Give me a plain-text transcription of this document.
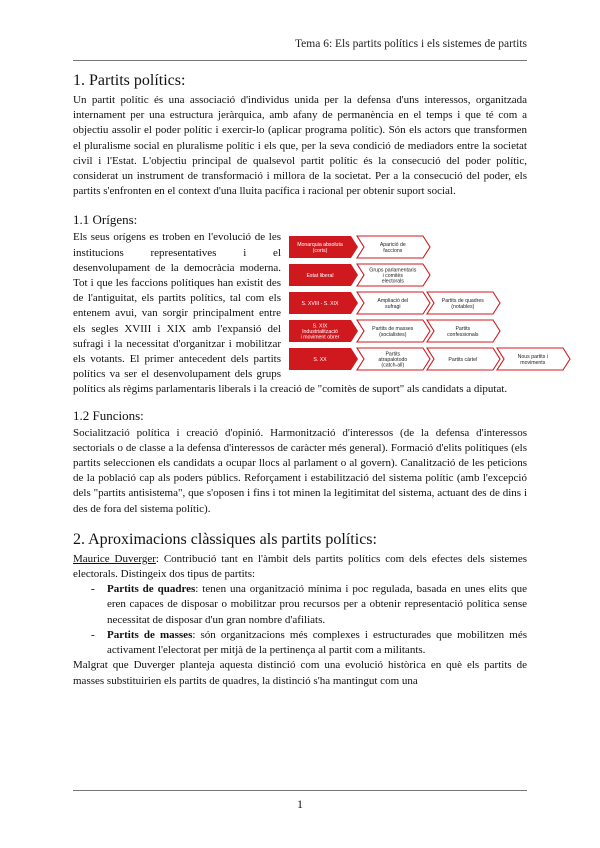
Tema 6: Els partits polítics i els sistemes de partits
1. Partits polítics:

Un partit polític és una associació d'individus unida per la defensa d'uns interessos, organitzada internament per una estructura jeràrquica, amb afany de permanència en el temps i que té com a objectiu assolir el poder polític i exercir-lo (aplicar programa polític). Són els actors que transformen el pluralisme social en pluralisme polític i els que, per la seva condició de mediadors entre la societat civil i l'Estat. L'objectiu principal de qualsevol partit polític és la consecució del poder polític, considerat un instrument de transformació i millora de la societat. Per a la consecució del poder, els partits s'enfronten en el context d'una lluita pacífica i racional per obtenir suport social.

1.1 Orígens:
Monarquia absoluta (corts)
Aparició de faccions
Estat liberal
Grups parlamentaris i comitès electorals
S. XVIII - S. XIX	Ampliació del sufragi
Partits de quadres (notables)
S. XIX Industrialització i moviment obrer
Partits de masses (socialistes)
Partits confessionals
S. XX
Partits atrapalotodo (catch-all)
Partits càrtel	Nous partits i moviments

Els seus orígens es troben en l'evolució de les institucions representatives i el desenvolupament de la democràcia moderna. Tot i que les faccions polítiques han existit des de l'antiguitat, els partits polítics, tal com els entenem avui, van sorgir principalment entre els segles XVIII i XIX amb l'expansió del sufragi i la necessitat d'organitzar i mobilitzar els votants. El primer antecedent dels partits polítics va ser el desenvolupament dels grups polítics als règims parlamentaris liberals i la creació de "comitès de suport" als candidats a diputat.

1.2 Funcions:

Socialització política i creació d'opinió. Harmonització d'interessos (de la defensa d'interessos sectorials o de classe a la defensa d'interessos de caràcter més general). Formació d'elits polítiques (els partits seleccionen els candidats a ocupar llocs al parlament o al govern). Canalització de les peticions de la població cap als poders públics. Reforçament i estabilització del sistema polític (amb l'excepció dels "partits antisistema", que s'oposen i fins i tot minen la legitimitat del sistema, actuant des de dins i des de fora del sistema polític).

2. Aproximacions clàssiques als partits polítics:

Maurice Duverger: Contribució tant en l'àmbit dels partits polítics com dels efectes dels sistemes electorals. Distingeix dos tipus de partits:

- Partits de quadres: tenen una organització mínima i poc regulada, basada en unes elits que eren capaces de disposar o mobilitzar prou recursos per a obtenir representació política sense necessitat de disposar d'un gran nombre d'afiliats.
- Partits de masses: són organitzacions més complexes i estructurades que mobilitzen més activament l'electorat per mitjà de la pertinença al partit com a militants.

Malgrat que Duverger planteja aquesta distinció com una evolució històrica en què els partits de masses substituirien els partits de quadres, la distinció s'ha mantingut com una

1
